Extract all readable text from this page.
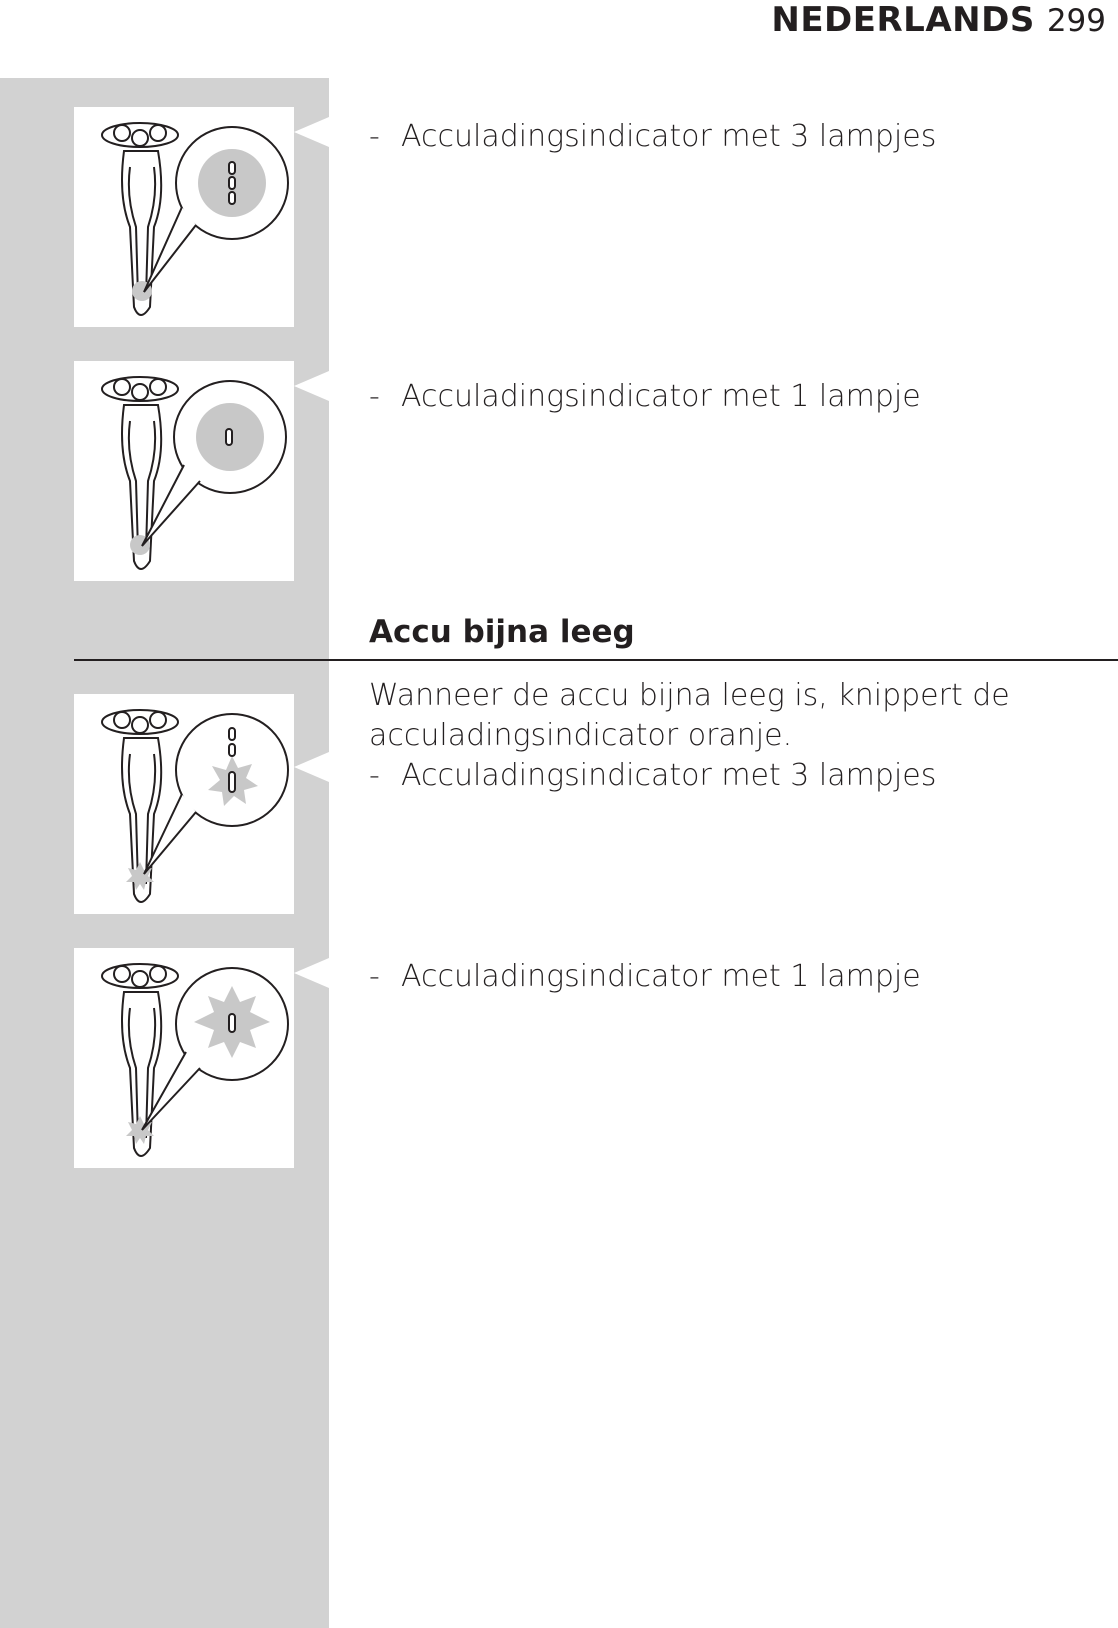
NEDERLANDS 299
- Acculadingsindicator met 3 lampjes
- Acculadingsindicator met 1 lampje
Accu bijna leeg
Wanneer de accu bijna leeg is, knippert de acculadingsindicator oranje.
- Acculadingsindicator met 3 lampjes
- Acculadingsindicator met 1 lampje
